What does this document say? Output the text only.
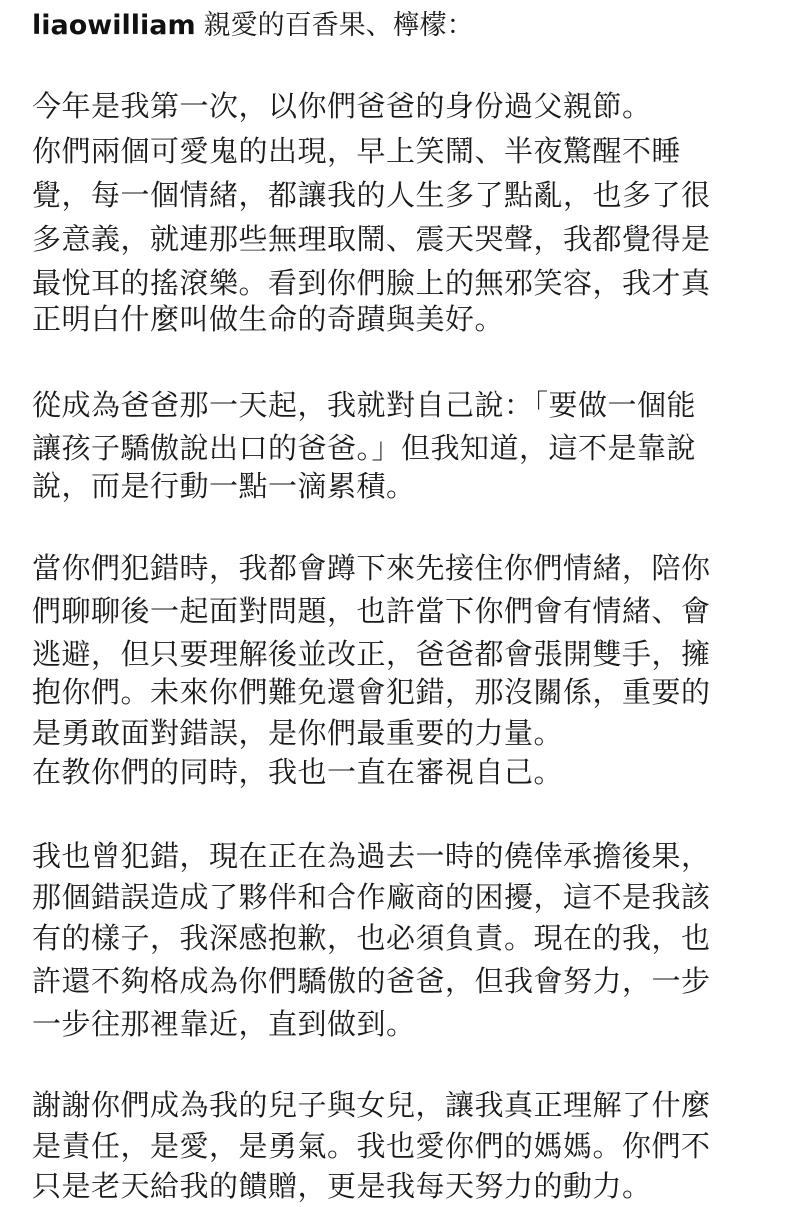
liaowilliam 親愛的百香果、檸檬：
今年是我第一次，以你們爸爸的身份過父親節。
你們兩個可愛鬼的出現，早上笑鬧、半夜驚醒不睡
覺，每一個情緒，都讓我的人生多了點亂，也多了很
多意義，就連那些無理取鬧、震天哭聲，我都覺得是
最悅耳的搖滾樂。看到你們臉上的無邪笑容，我才真
正明白什麼叫做生命的奇蹟與美好。
從成為爸爸那一天起，我就對自己說：「要做一個能
讓孩子驕傲說出口的爸爸。」但我知道，這不是靠說
說，而是行動一點一滴累積。
當你們犯錯時，我都會蹲下來先接住你們情緒，陪你
們聊聊後一起面對問題，也許當下你們會有情緒、會
逃避，但只要理解後並改正，爸爸都會張開雙手，擁
抱你們。未來你們難免還會犯錯，那沒關係，重要的
是勇敢面對錯誤，是你們最重要的力量。
在教你們的同時，我也一直在審視自己。
我也曾犯錯，現在正在為過去一時的僥倖承擔後果，
那個錯誤造成了夥伴和合作廠商的困擾，這不是我該
有的樣子，我深感抱歉，也必須負責。現在的我，也
許還不夠格成為你們驕傲的爸爸，但我會努力，一步
一步往那裡靠近，直到做到。
謝謝你們成為我的兒子與女兒，讓我真正理解了什麼
是責任，是愛，是勇氣。我也愛你們的媽媽。你們不
只是老天給我的饋贈，更是我每天努力的動力。
